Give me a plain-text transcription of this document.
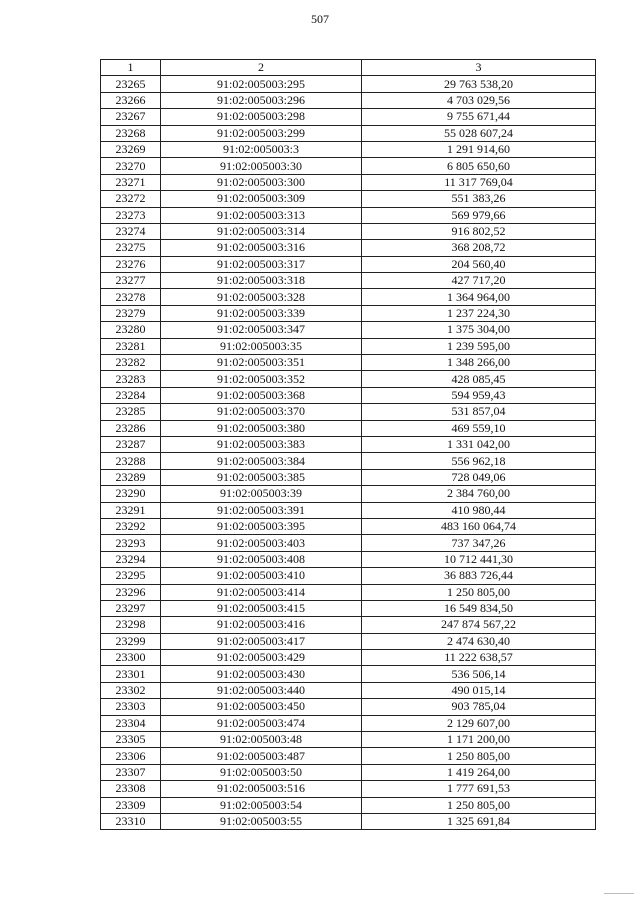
507
1	2	3
23265	91:02:005003:295	29 763 538,20
23266	91:02:005003:296	4 703 029,56
23267	91:02:005003:298	9 755 671,44
23268	91:02:005003:299	55 028 607,24
23269	91:02:005003:3	1 291 914,60
23270	91:02:005003:30	6 805 650,60
23271	91:02:005003:300	11 317 769,04
23272	91:02:005003:309	551 383,26
23273	91:02:005003:313	569 979,66
23274	91:02:005003:314	916 802,52
23275	91:02:005003:316	368 208,72
23276	91:02:005003:317	204 560,40
23277	91:02:005003:318	427 717,20
23278	91:02:005003:328	1 364 964,00
23279	91:02:005003:339	1 237 224,30
23280	91:02:005003:347	1 375 304,00
23281	91:02:005003:35	1 239 595,00
23282	91:02:005003:351	1 348 266,00
23283	91:02:005003:352	428 085,45
23284	91:02:005003:368	594 959,43
23285	91:02:005003:370	531 857,04
23286	91:02:005003:380	469 559,10
23287	91:02:005003:383	1 331 042,00
23288	91:02:005003:384	556 962,18
23289	91:02:005003:385	728 049,06
23290	91:02:005003:39	2 384 760,00
23291	91:02:005003:391	410 980,44
23292	91:02:005003:395	483 160 064,74
23293	91:02:005003:403	737 347,26
23294	91:02:005003:408	10 712 441,30
23295	91:02:005003:410	36 883 726,44
23296	91:02:005003:414	1 250 805,00
23297	91:02:005003:415	16 549 834,50
23298	91:02:005003:416	247 874 567,22
23299	91:02:005003:417	2 474 630,40
23300	91:02:005003:429	11 222 638,57
23301	91:02:005003:430	536 506,14
23302	91:02:005003:440	490 015,14
23303	91:02:005003:450	903 785,04
23304	91:02:005003:474	2 129 607,00
23305	91:02:005003:48	1 171 200,00
23306	91:02:005003:487	1 250 805,00
23307	91:02:005003:50	1 419 264,00
23308	91:02:005003:516	1 777 691,53
23309	91:02:005003:54	1 250 805,00
23310	91:02:005003:55	1 325 691,84
